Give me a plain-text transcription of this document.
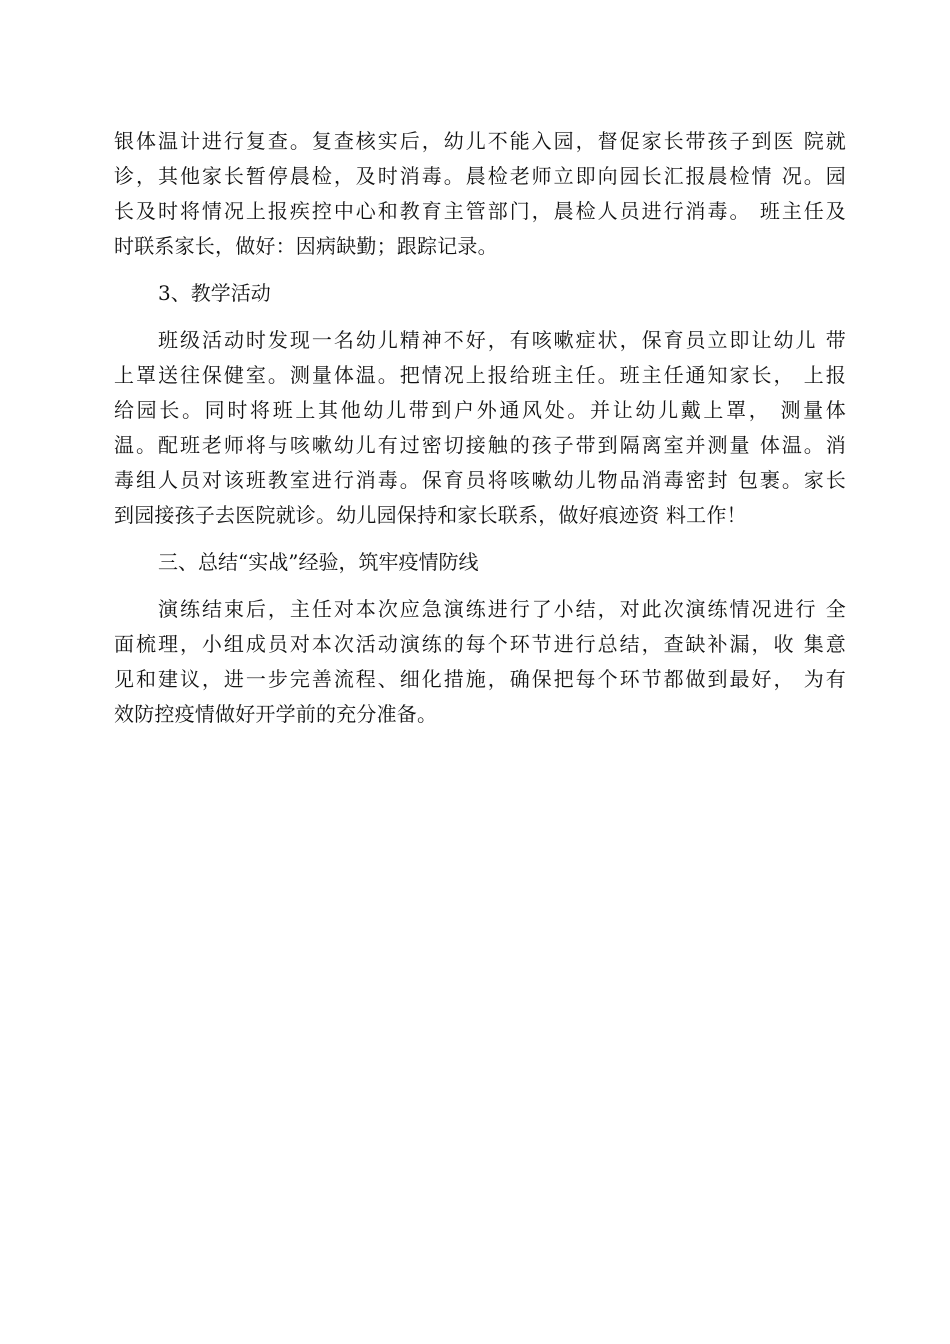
银体温计进行复查。复查核实后，幼儿不能入园，督促家长带孩子到医 院就
诊，其他家长暂停晨检，及时消毒。晨检老师立即向园长汇报晨检情 况。园
长及时将情况上报疾控中心和教育主管部门，晨检人员进行消毒。 班主任及
时联系家长，做好：因病缺勤；跟踪记录。
3、教学活动
班级活动时发现一名幼儿精神不好，有咳嗽症状，保育员立即让幼儿 带
上罩送往保健室。测量体温。把情况上报给班主任。班主任通知家长， 上报
给园长。同时将班上其他幼儿带到户外通风处。并让幼儿戴上罩， 测量体
温。配班老师将与咳嗽幼儿有过密切接触的孩子带到隔离室并测量 体温。消
毒组人员对该班教室进行消毒。保育员将咳嗽幼儿物品消毒密封 包裹。家长
到园接孩子去医院就诊。幼儿园保持和家长联系，做好痕迹资 料工作！
三、总结“实战”经验，筑牢疫情防线
演练结束后，主任对本次应急演练进行了小结，对此次演练情况进行 全
面梳理，小组成员对本次活动演练的每个环节进行总结，查缺补漏，收 集意
见和建议，进一步完善流程、细化措施，确保把每个环节都做到最好， 为有
效防控疫情做好开学前的充分准备。
